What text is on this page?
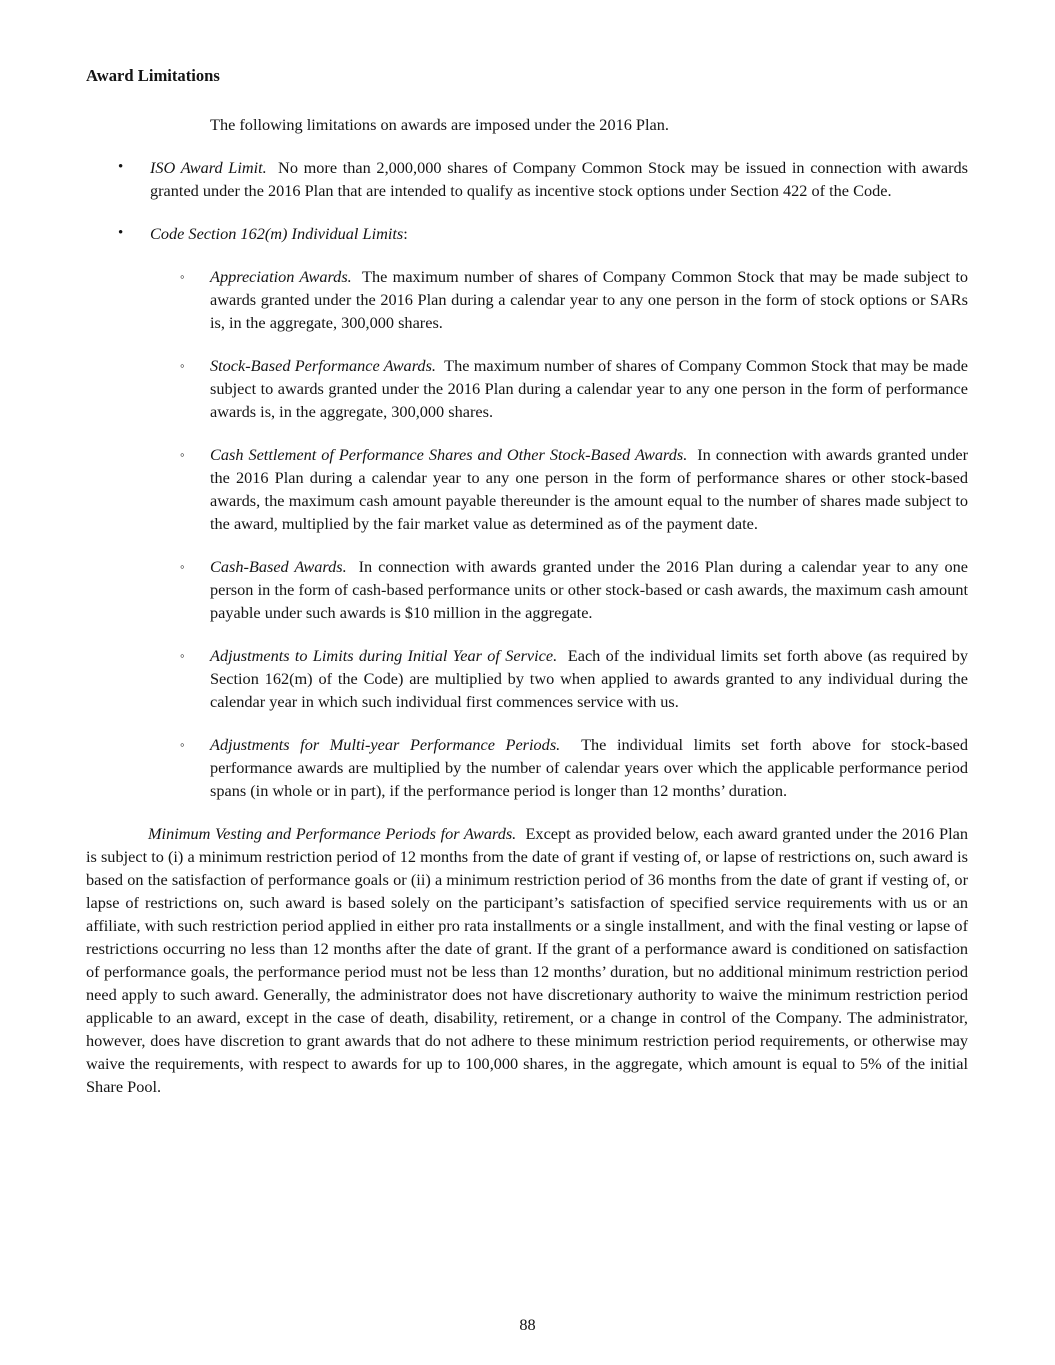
Award Limitations

The following limitations on awards are imposed under the 2016 Plan.

• ISO Award Limit.  No more than 2,000,000 shares of Company Common Stock may be issued in connection with awards granted under the 2016 Plan that are intended to qualify as incentive stock options under Section 422 of the Code.
• Code Section 162(m) Individual Limits:
◦ Appreciation Awards.  The maximum number of shares of Company Common Stock that may be made subject to awards granted under the 2016 Plan during a calendar year to any one person in the form of stock options or SARs is, in the aggregate, 300,000 shares.
◦ Stock-Based Performance Awards.  The maximum number of shares of Company Common Stock that may be made subject to awards granted under the 2016 Plan during a calendar year to any one person in the form of performance awards is, in the aggregate, 300,000 shares.
◦ Cash Settlement of Performance Shares and Other Stock-Based Awards.  In connection with awards granted under the 2016 Plan during a calendar year to any one person in the form of performance shares or other stock-based awards, the maximum cash amount payable thereunder is the amount equal to the number of shares made subject to the award, multiplied by the fair market value as determined as of the payment date.
◦ Cash-Based Awards.  In connection with awards granted under the 2016 Plan during a calendar year to any one person in the form of cash-based performance units or other stock-based or cash awards, the maximum cash amount payable under such awards is $10 million in the aggregate.
◦ Adjustments to Limits during Initial Year of Service.  Each of the individual limits set forth above (as required by Section 162(m) of the Code) are multiplied by two when applied to awards granted to any individual during the calendar year in which such individual first commences service with us.
◦ Adjustments for Multi-year Performance Periods.  The individual limits set forth above for stock-based performance awards are multiplied by the number of calendar years over which the applicable performance period spans (in whole or in part), if the performance period is longer than 12 months’ duration.

Minimum Vesting and Performance Periods for Awards.  Except as provided below, each award granted under the 2016 Plan is subject to (i) a minimum restriction period of 12 months from the date of grant if vesting of, or lapse of restrictions on, such award is based on the satisfaction of performance goals or (ii) a minimum restriction period of 36 months from the date of grant if vesting of, or lapse of restrictions on, such award is based solely on the participant’s satisfaction of specified service requirements with us or an affiliate, with such restriction period applied in either pro rata installments or a single installment, and with the final vesting or lapse of restrictions occurring no less than 12 months after the date of grant. If the grant of a performance award is conditioned on satisfaction of performance goals, the performance period must not be less than 12 months’ duration, but no additional minimum restriction period need apply to such award. Generally, the administrator does not have discretionary authority to waive the minimum restriction period applicable to an award, except in the case of death, disability, retirement, or a change in control of the Company. The administrator, however, does have discretion to grant awards that do not adhere to these minimum restriction period requirements, or otherwise may waive the requirements, with respect to awards for up to 100,000 shares, in the aggregate, which amount is equal to 5% of the initial Share Pool.

88
